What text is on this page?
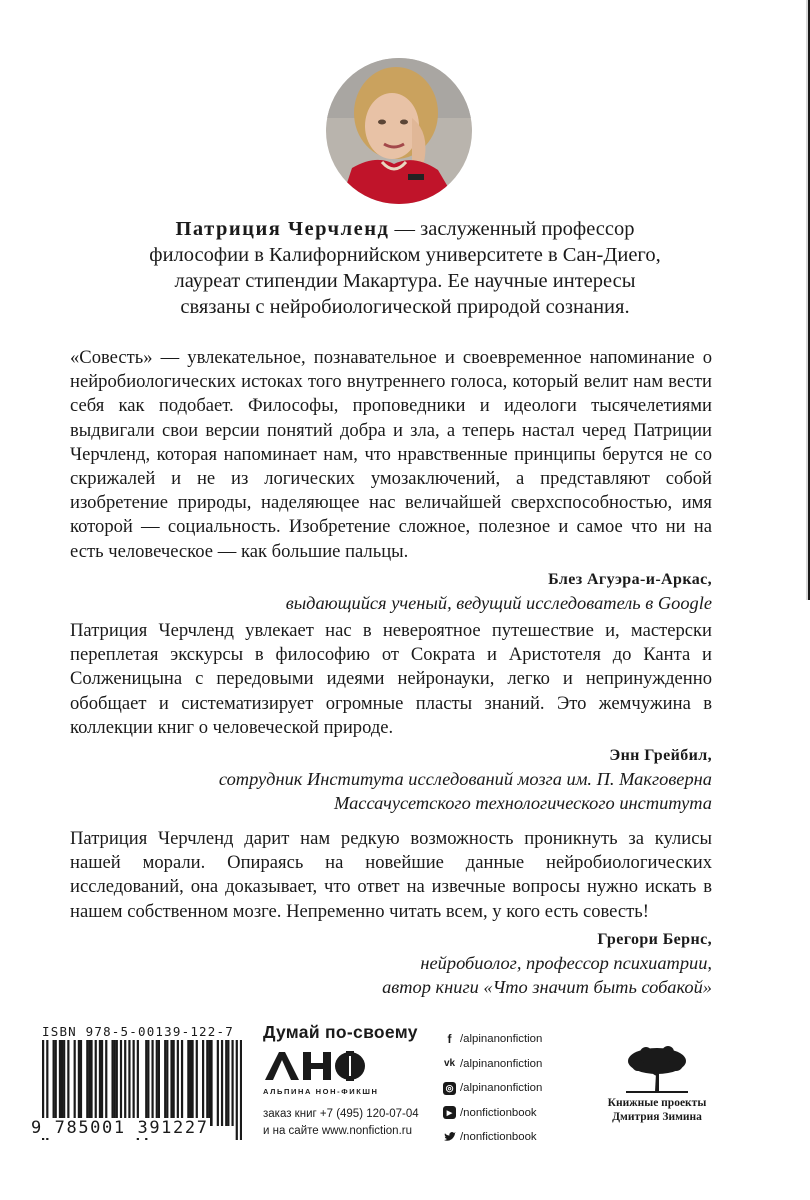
Патриция Черчленд — заслуженный профессор
философии в Калифорнийском университете в Сан-Диего,
лауреат стипендии Макартура. Ее научные интересы
связаны с нейробиологической природой сознания.

«Совесть» — увлекательное, познавательное и своевременное напоминание о нейробиологических истоках того внутреннего голоса, который велит нам вести себя как подобает. Философы, проповедники и идеологи тысячелетиями выдвигали свои версии понятий добра и зла, а теперь настал черед Патриции Черчленд, которая напоминает нам, что нравственные принципы берутся не со скрижалей и не из логических умозаключений, а представляют собой изобретение природы, наделяющее нас величайшей сверхспособностью, имя которой — социальность. Изобретение сложное, полезное и самое что ни на есть человеческое — как большие пальцы.

Блез Агуэра-и-Аркас,
выдающийся ученый, ведущий исследователь в Google

Патриция Черчленд увлекает нас в невероятное путешествие и, мастерски переплетая экскурсы в философию от Сократа и Аристотеля до Канта и Солженицына с передовыми идеями нейронауки, легко и непринужденно обобщает и систематизирует огромные пласты знаний. Это жемчужина в коллекции книг о человеческой природе.

Энн Грейбил,
сотрудник Института исследований мозга им. П. Макговерна
Массачусетского технологического института

Патриция Черчленд дарит нам редкую возможность проникнуть за кулисы нашей морали. Опираясь на новейшие данные нейробиологических исследований, она доказывает, что ответ на извечные вопросы нужно искать в нашем собственном мозге. Непременно читать всем, у кого есть совесть!

Грегори Бернс,
нейробиолог, профессор психиатрии,
автор книги «Что значит быть собакой»
ISBN 978-5-00139-122-7
9 785001 391227

Думай по-своему

АЛЬПИНА НОН-ФИКШН
заказ книг +7 (495) 120-07-04
и на сайте www.nonfiction.ru
f /alpinanonfiction
vk /alpinanonfiction
◎ /alpinanonfiction
▶ /nonfictionbook
/nonfictionbook
Книжные проекты
Дмитрия Зимина
